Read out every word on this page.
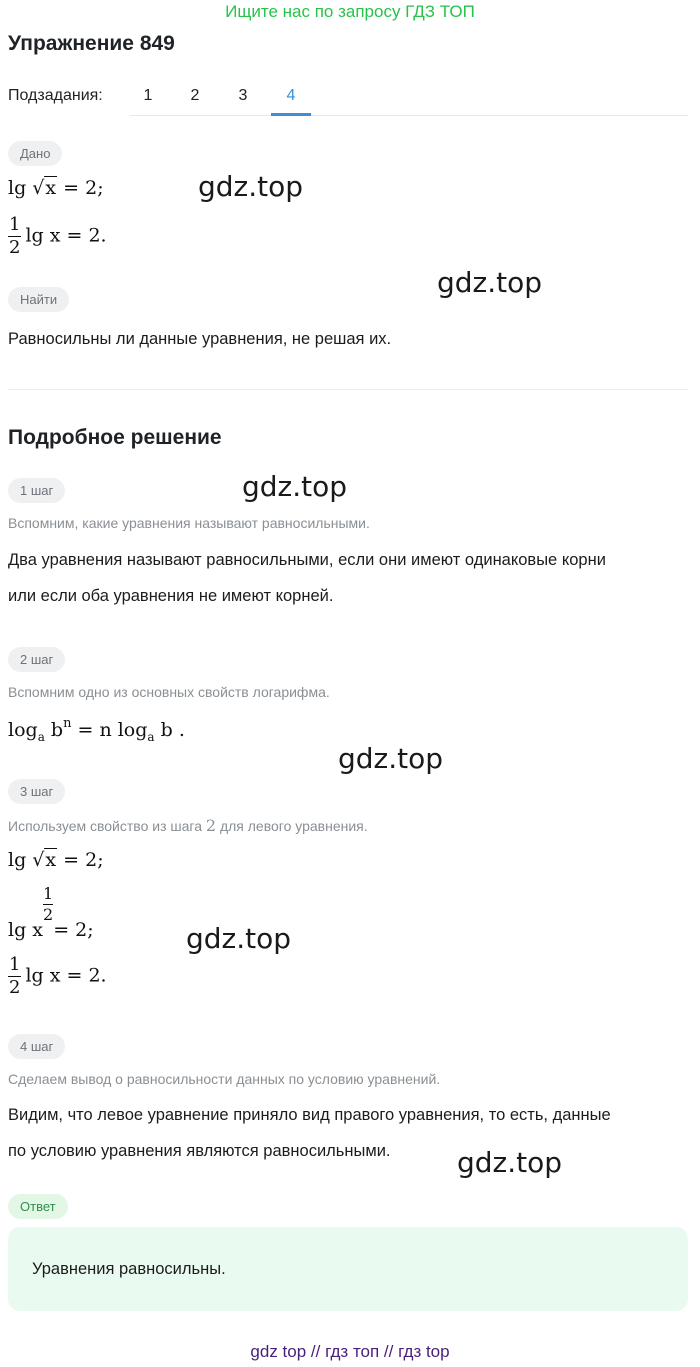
Ищите нас по запросу ГДЗ ТОП
Упражнение 849
Подзадания:	1	2	3	4
Дано
lg √x = 2;
$\frac{1}{2}$ lg x = 2.
Найти
Равносильны ли данные уравнения, не решая их.
Подробное решение
1 шаг
Вспомним, какие уравнения называют равносильными.
Два уравнения называют равносильными, если они имеют одинаковые корни
или если оба уравнения не имеют корней.
2 шаг
Вспомним одно из основных свойств логарифма.
$\log_a b^n = n$ $\log_a b$ .
3 шаг
Используем свойство из шага 2 для левого уравнения.
lg √x = 2;
lg x
$\frac{1}{2}$
= 2;
$\frac{1}{2}$ lg x = 2.
4 шаг
Сделаем вывод о равносильности данных по условию уравнений.
Видим, что левое уравнение приняло вид правого уравнения, то есть, данные
по условию уравнения являются равносильными.
Ответ
Уравнения равносильны.
gdz.top
gdz.top
gdz.top
gdz.top
gdz.top
gdz.top
gdz top // гдз топ // гдз top
